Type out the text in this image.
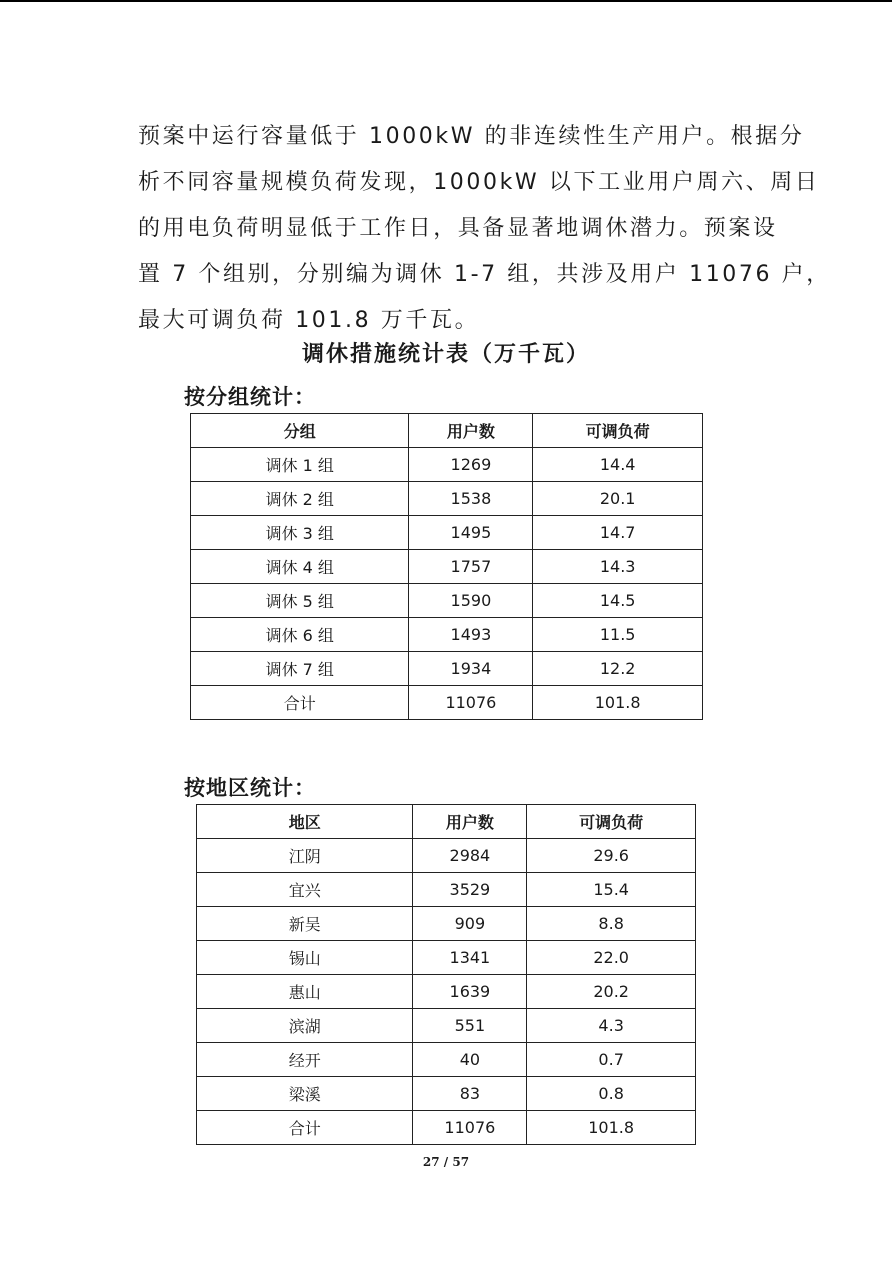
预案中运行容量低于 1000kW 的非连续性生产用户。根据分
析不同容量规模负荷发现，1000kW 以下工业用户周六、周日
的用电负荷明显低于工作日，具备显著地调休潜力。预案设
置 7 个组别，分别编为调休 1-7 组，共涉及用户 11076 户，
最大可调负荷 101.8 万千瓦。

调休措施统计表（万千瓦）
按分组统计：
分组	用户数	可调负荷
调休 1 组	1269	14.4
调休 2 组	1538	20.1
调休 3 组	1495	14.7
调休 4 组	1757	14.3
调休 5 组	1590	14.5
调休 6 组	1493	11.5
调休 7 组	1934	12.2
合计	11076	101.8
按地区统计：
地区	用户数	可调负荷
江阴	2984	29.6
宜兴	3529	15.4
新吴	909	8.8
锡山	1341	22.0
惠山	1639	20.2
滨湖	551	4.3
经开	40	0.7
梁溪	83	0.8
合计	11076	101.8
27 / 57
